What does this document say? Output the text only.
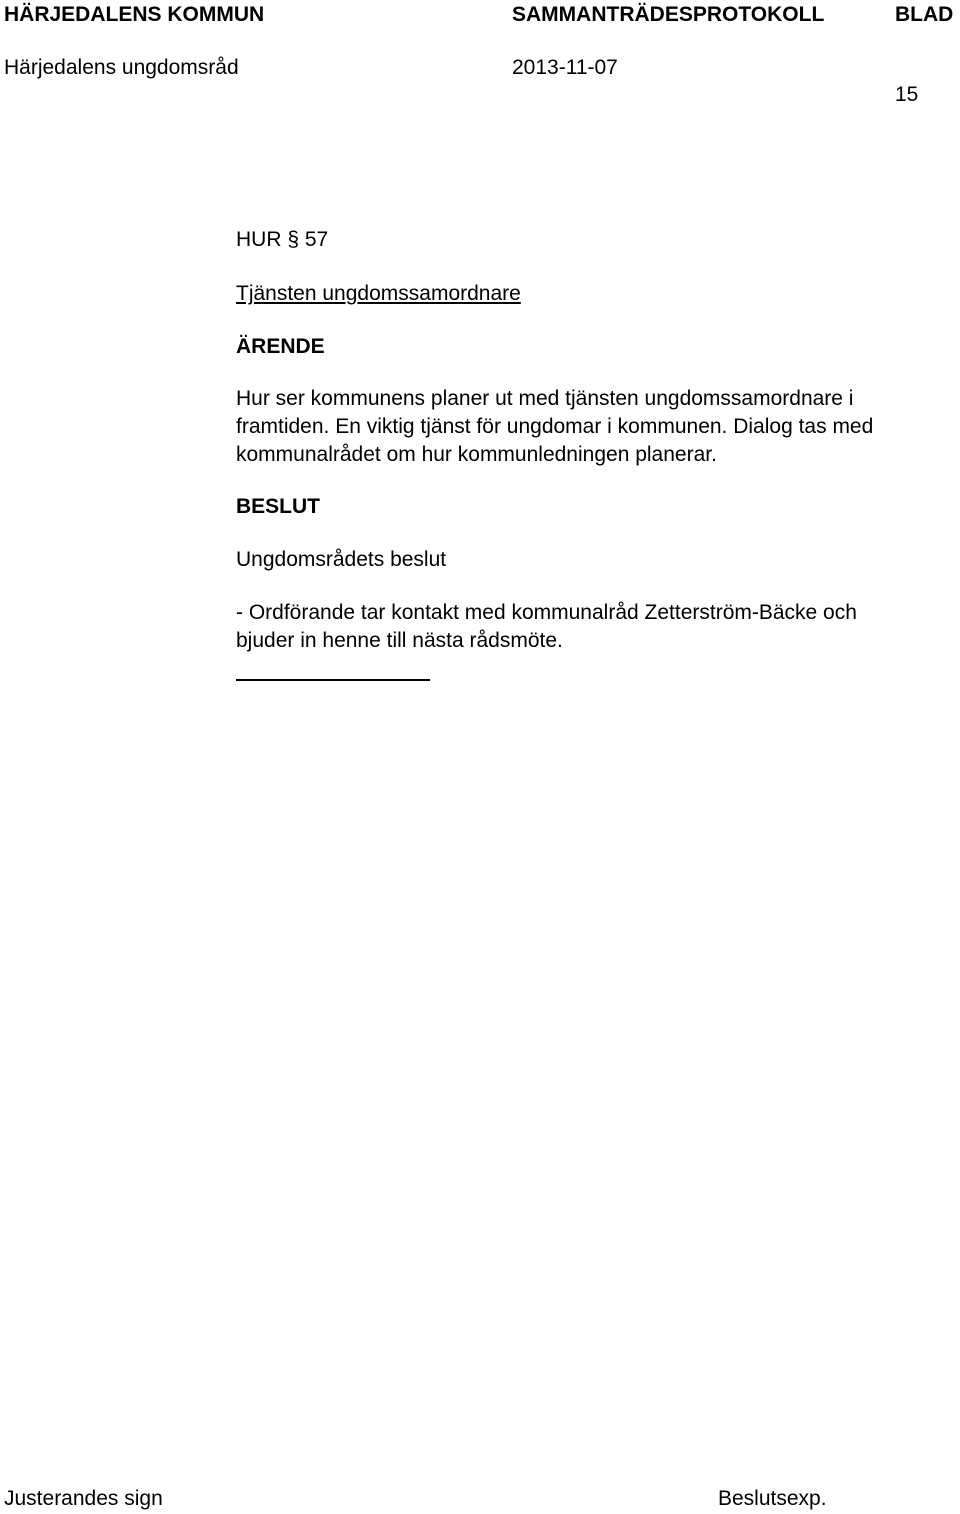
HÄRJEDALENS KOMMUN	SAMMANTRÄDESPROTOKOLL	BLAD
Härjedalens ungdomsråd	2013-11-07
15
HUR § 57
Tjänsten ungdomssamordnare
ÄRENDE
Hur ser kommunens planer ut med tjänsten ungdomssamordnare i
framtiden. En viktig tjänst för ungdomar i kommunen. Dialog tas med
kommunalrådet om hur kommunledningen planerar.
BESLUT
Ungdomsrådets beslut
- Ordförande tar kontakt med kommunalråd Zetterström-Bäcke och
bjuder in henne till nästa rådsmöte.
Justerandes sign	Beslutsexp.
